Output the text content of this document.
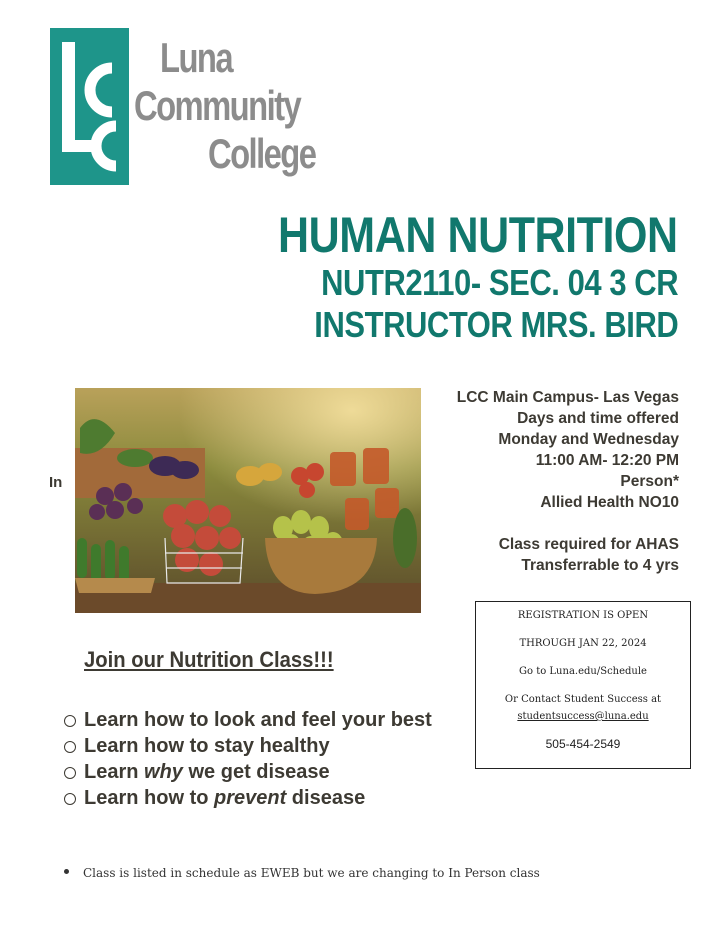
Luna
Community
College
HUMAN NUTRITION
NUTR2110- SEC. 04 3 CR
INSTRUCTOR MRS. BIRD
In
LCC Main Campus- Las Vegas
Days and time offered
Monday and Wednesday
11:00 AM- 12:20 PM
Person*
Allied Health NO10
Class required for AHAS
Transferrable to 4 yrs
REGISTRATION IS OPEN
THROUGH JAN 22, 2024
Go to Luna.edu/Schedule
Or Contact Student Success at
studentsuccess@luna.edu
505-454-2549
Join our Nutrition Class!!!
Learn how to look and feel your best
Learn how to stay healthy
Learn why we get disease
Learn how to prevent disease
Class is listed in schedule as EWEB but we are changing to In Person class
